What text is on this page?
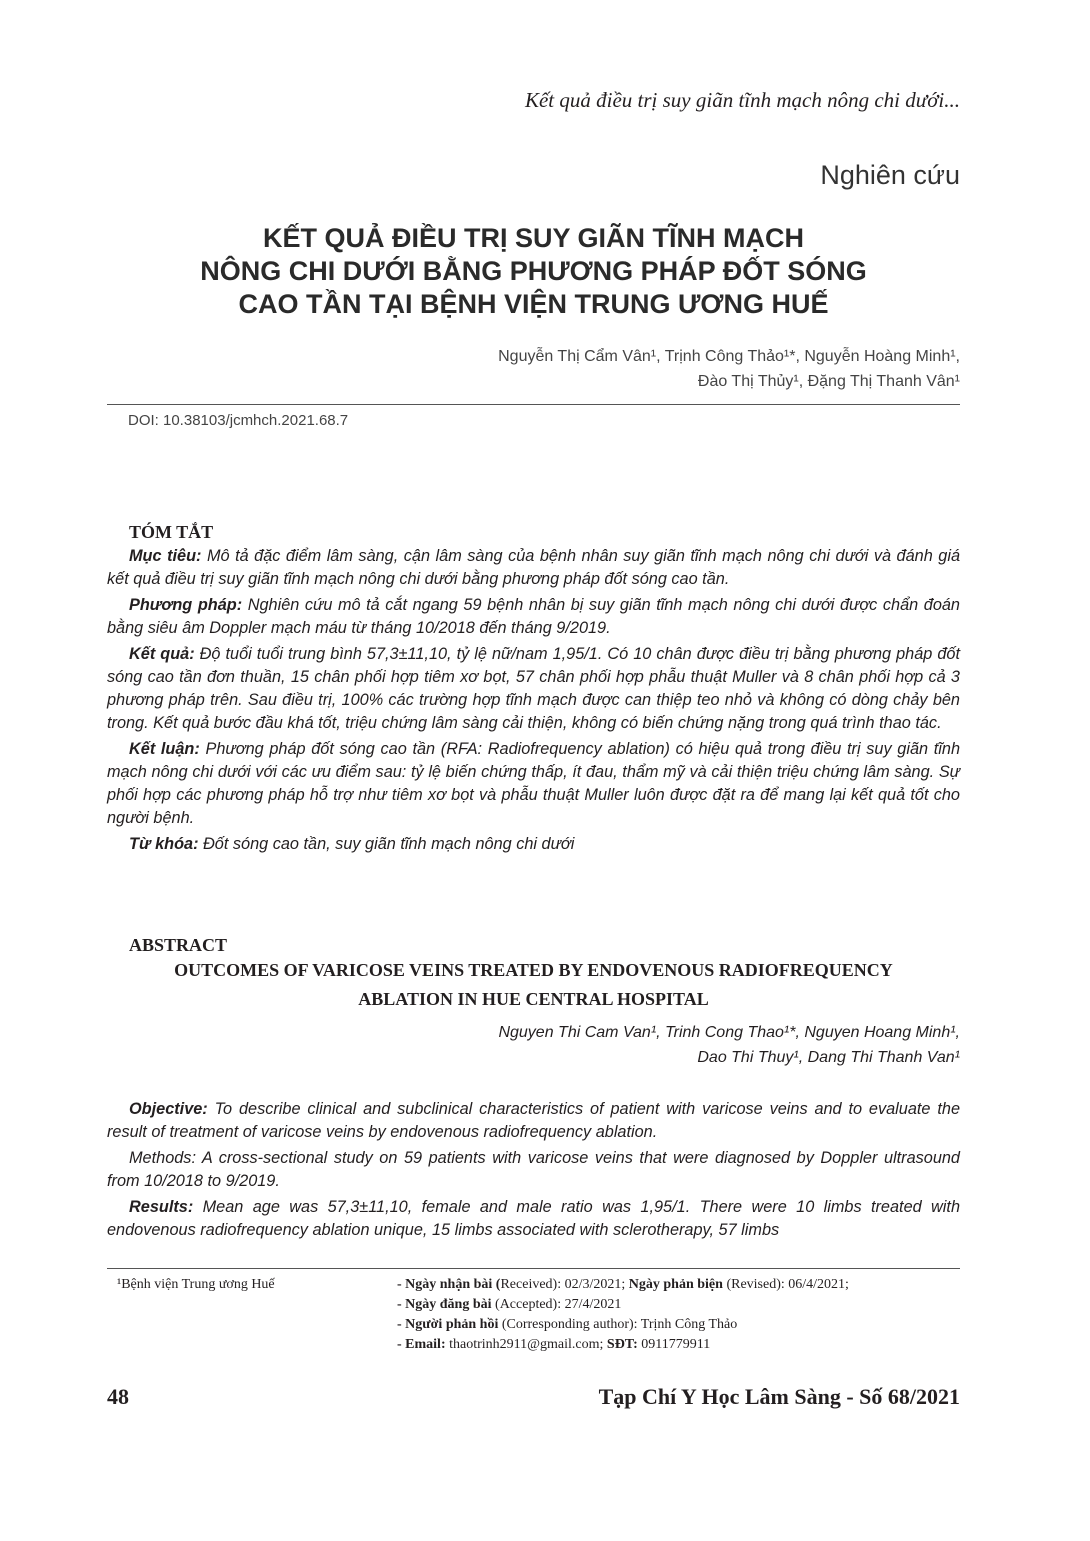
Kết quả điều trị suy giãn tĩnh mạch nông chi dưới...
Nghiên cứu
KẾT QUẢ ĐIỀU TRỊ SUY GIÃN TĨNH MẠCH
NÔNG CHI DƯỚI BẰNG PHƯƠNG PHÁP ĐỐT SÓNG
CAO TẦN TẠI BỆNH VIỆN TRUNG ƯƠNG HUẾ
Nguyễn Thị Cẩm Vân¹, Trịnh Công Thảo¹*, Nguyễn Hoàng Minh¹,
Đào Thị Thủy¹, Đặng Thị Thanh Vân¹
DOI: 10.38103/jcmhch.2021.68.7
TÓM TẮT

Mục tiêu: Mô tả đặc điểm lâm sàng, cận lâm sàng của bệnh nhân suy giãn tĩnh mạch nông chi dưới và đánh giá kết quả điều trị suy giãn tĩnh mạch nông chi dưới bằng phương pháp đốt sóng cao tần.

Phương pháp: Nghiên cứu mô tả cắt ngang 59 bệnh nhân bị suy giãn tĩnh mạch nông chi dưới được chẩn đoán bằng siêu âm Doppler mạch máu từ tháng 10/2018 đến tháng 9/2019.

Kết quả: Độ tuổi tuổi trung bình 57,3±11,10, tỷ lệ nữ/nam 1,95/1. Có 10 chân được điều trị bằng phương pháp đốt sóng cao tần đơn thuần, 15 chân phối hợp tiêm xơ bọt, 57 chân phối hợp phẫu thuật Muller và 8 chân phối hợp cả 3 phương pháp trên. Sau điều trị, 100% các trường hợp tĩnh mạch được can thiệp teo nhỏ và không có dòng chảy bên trong. Kết quả bước đầu khá tốt, triệu chứng lâm sàng cải thiện, không có biến chứng nặng trong quá trình thao tác.

Kết luận: Phương pháp đốt sóng cao tần (RFA: Radiofrequency ablation) có hiệu quả trong điều trị suy giãn tĩnh mạch nông chi dưới với các ưu điểm sau: tỷ lệ biến chứng thấp, ít đau, thẩm mỹ và cải thiện triệu chứng lâm sàng. Sự phối hợp các phương pháp hỗ trợ như tiêm xơ bọt và phẫu thuật Muller luôn được đặt ra để mang lại kết quả tốt cho người bệnh.

Từ khóa: Đốt sóng cao tần, suy giãn tĩnh mạch nông chi dưới

ABSTRACT
OUTCOMES OF VARICOSE VEINS TREATED BY ENDOVENOUS RADIOFREQUENCY
ABLATION IN HUE CENTRAL HOSPITAL
Nguyen Thi Cam Van¹, Trinh Cong Thao¹*, Nguyen Hoang Minh¹,
Dao Thi Thuy¹, Dang Thi Thanh Van¹

Objective: To describe clinical and subclinical characteristics of patient with varicose veins and to evaluate the result of treatment of varicose veins by endovenous radiofrequency ablation.

Methods: A cross-sectional study on 59 patients with varicose veins that were diagnosed by Doppler ultrasound from 10/2018 to 9/2019.

Results: Mean age was 57,3±11,10, female and male ratio was 1,95/1. There were 10 limbs treated with endovenous radiofrequency ablation unique, 15 limbs associated with sclerotherapy, 57 limbs

¹Bệnh viện Trung ương Huế	- Ngày nhận bài (Received): 02/3/2021; Ngày phản biện (Revised): 06/4/2021;
- Ngày đăng bài (Accepted): 27/4/2021
- Người phản hồi (Corresponding author): Trịnh Công Thảo
- Email: thaotrinh2911@gmail.com; SĐT: 0911779911
48	Tạp Chí Y Học Lâm Sàng - Số 68/2021
